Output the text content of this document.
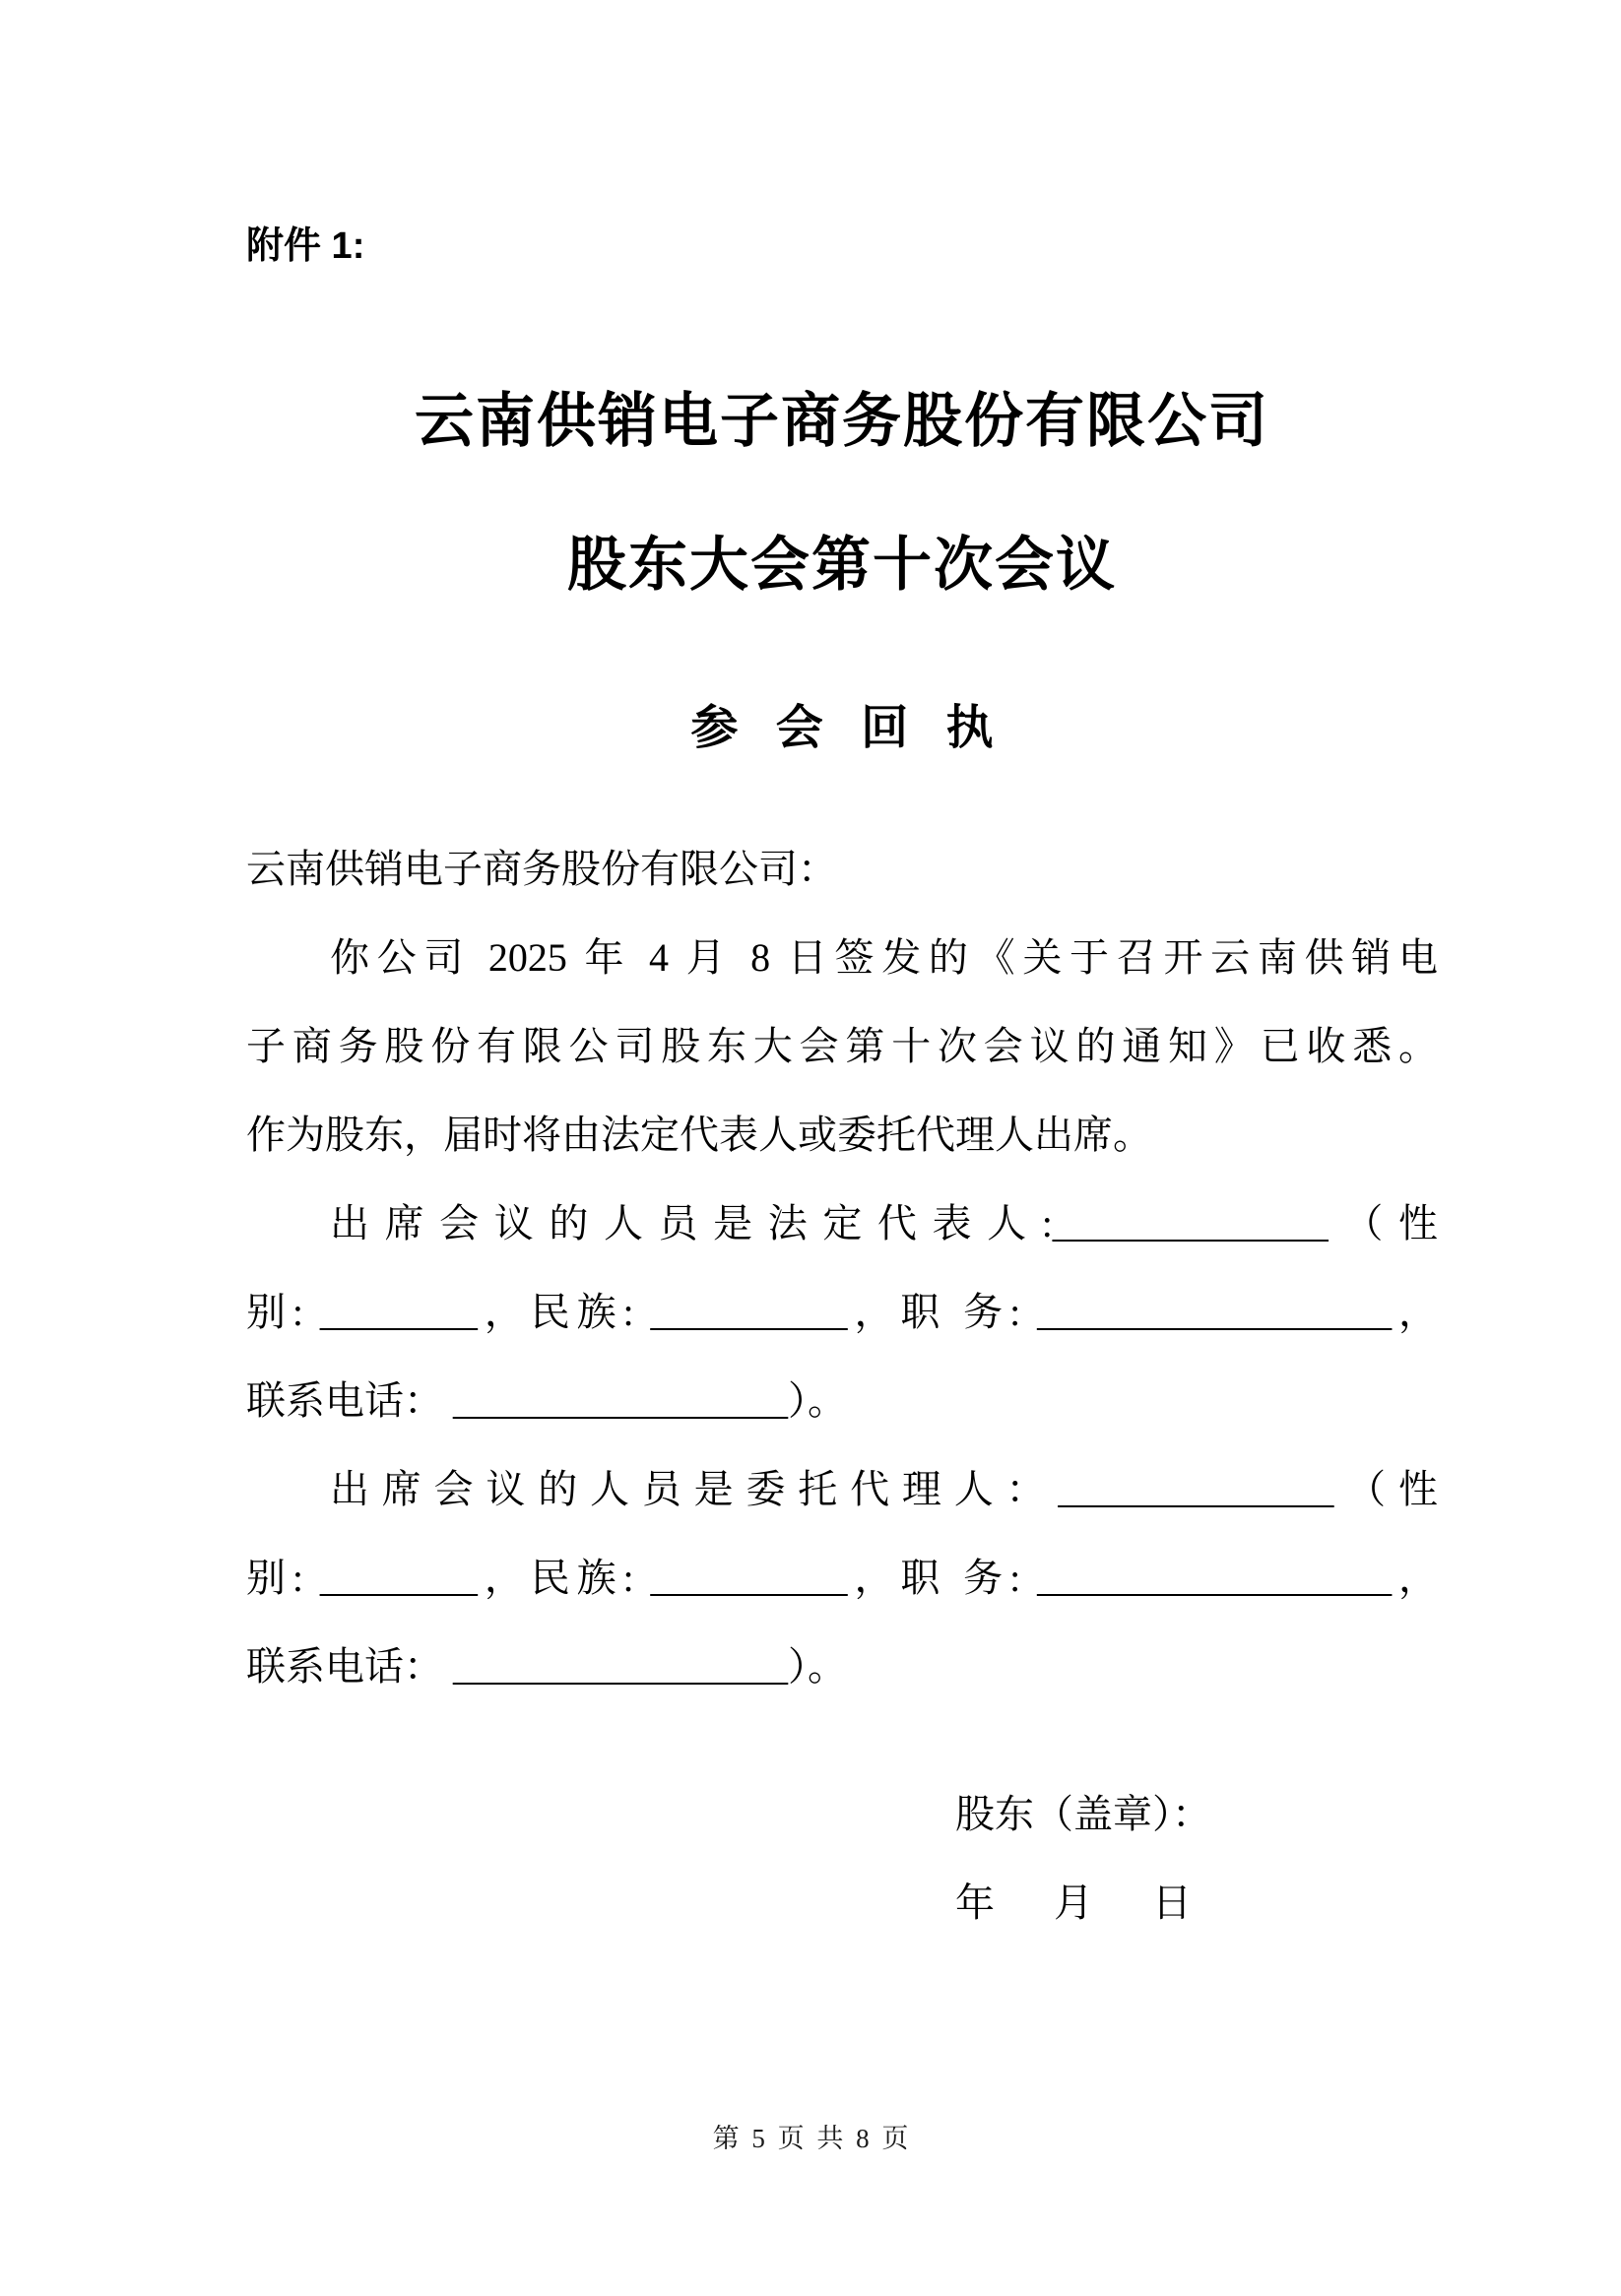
附件 1:
云南供销电子商务股份有限公司
股东大会第十次会议
参 会 回 执
云南供销电子商务股份有限公司：
你公司 2025 年 4 月 8 日签发的《关于召开云南供销电
子商务股份有限公司股东大会第十次会议的通知》已收悉。
作为股东，届时将由法定代表人或委托代理人出席。
出席会议的人员是法定代表人:______________（性
别: ________，民族: __________，职 务: __________________，
联系电话： _________________）。
出席会议的人员是委托代理人：______________（性
别: ________，民族: __________，职 务: __________________，
联系电话： _________________）。
股东（盖章）：
年      月      日
第 5 页 共 8 页
